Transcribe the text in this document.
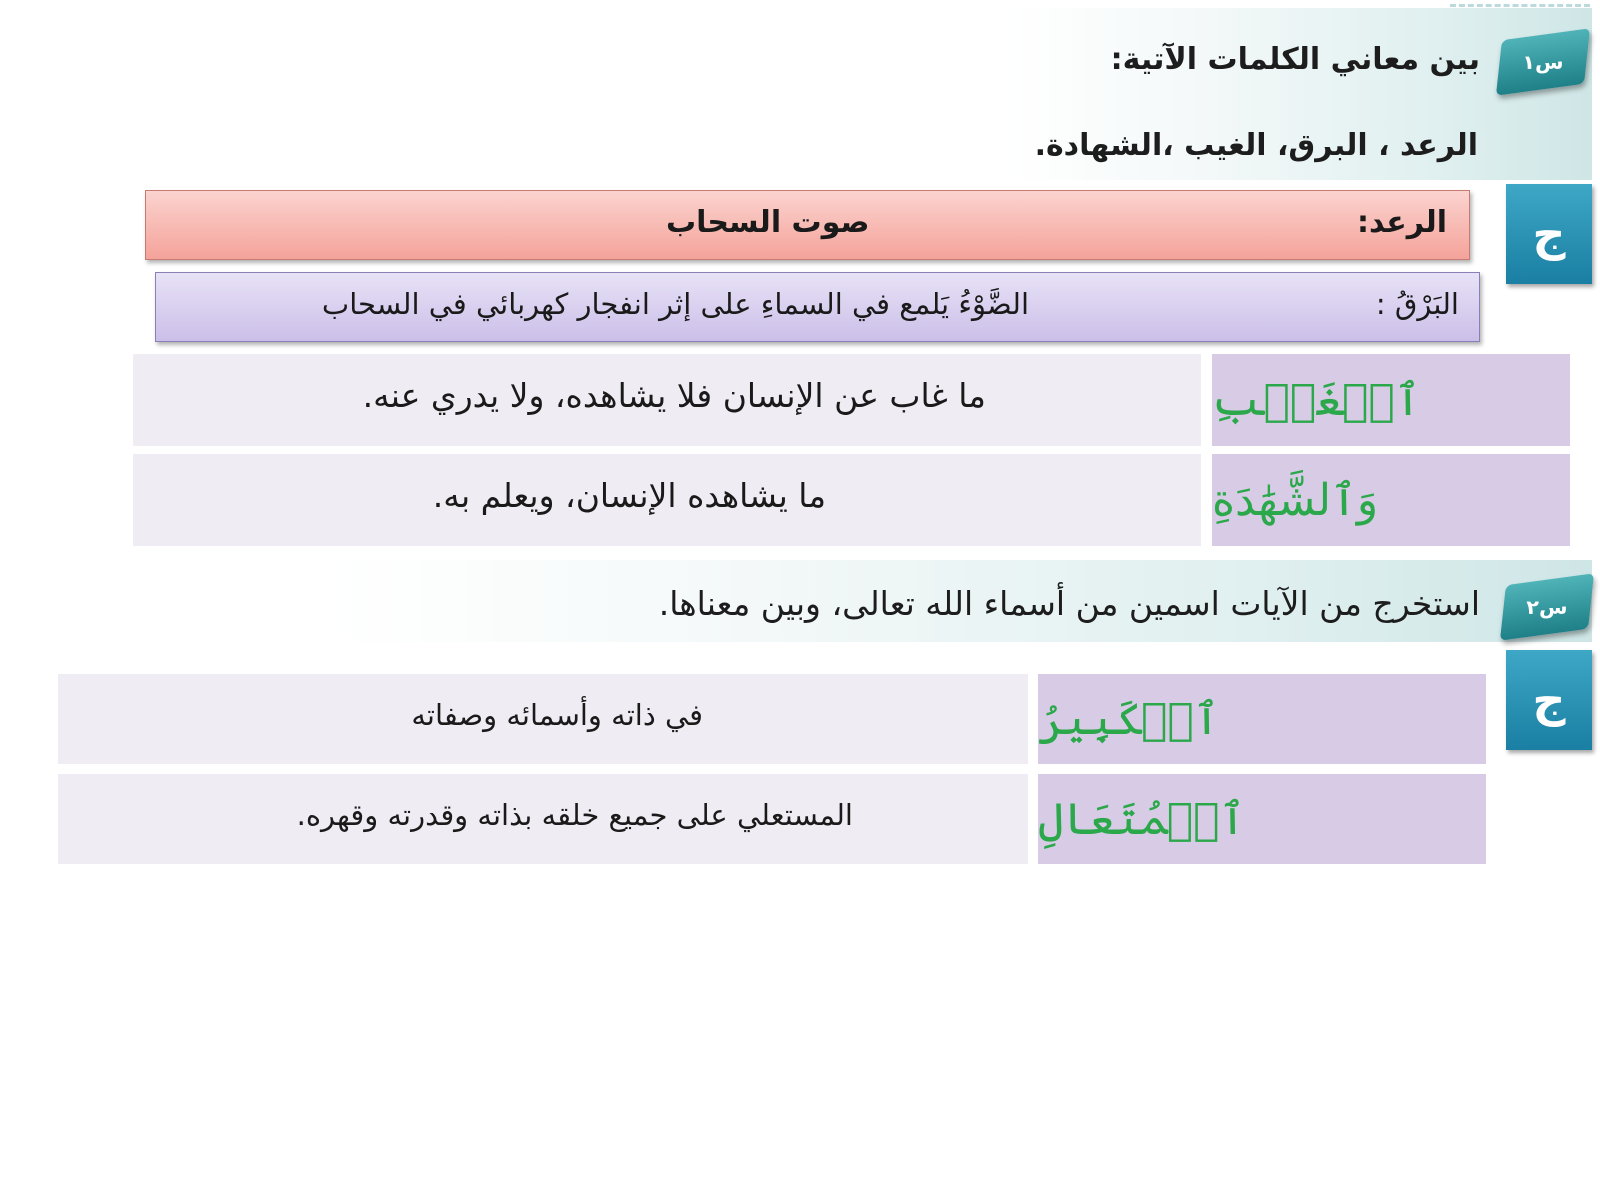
س١
بين معاني الكلمات الآتية:
الرعد ، البرق، الغيب ،الشهادة.
ج
الرعد:
صوت السحاب
البَرْقُ :
الضَّوْءُ يَلمع في السماءِ على إثر انفجار كهربائي في السحاب
ما غاب عن الإنسان فلا يشاهده، ولا يدري عنه.	ٱلۡغَيۡبِ
ما يشاهده الإنسان، ويعلم به.	وَٱلشَّهَٰدَةِ
س٢
استخرج من الآيات اسمين من أسماء الله تعالى، وبين معناها.
ج
في ذاته وأسمائه وصفاته	ٱلۡكَبِيرُ
المستعلي على جميع خلقه بذاته وقدرته وقهره.	ٱلۡمُتَعَالِ
